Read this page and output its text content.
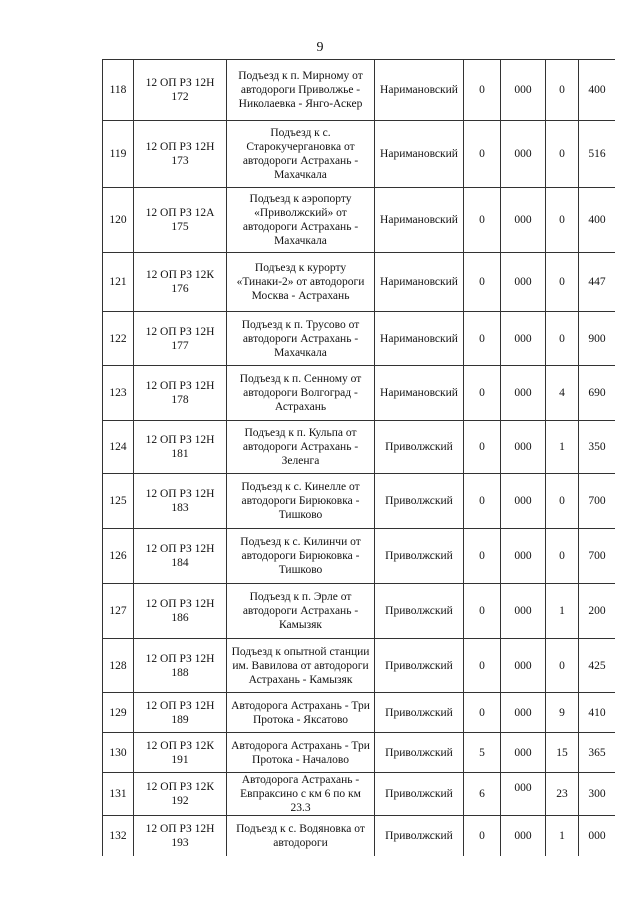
9
118	12 ОП РЗ 12Н 172	Подъезд к п. Мирному от автодороги Приволжье - Николаевка - Янго-Аскер	Наримановский	0	000	0	400
119	12 ОП РЗ 12Н 173	Подъезд к с. Старокучергановка от автодороги Астрахань - Махачкала	Наримановский	0	000	0	516
120	12 ОП РЗ 12А 175	Подъезд к аэропорту «Приволжский» от автодороги Астрахань - Махачкала	Наримановский	0	000	0	400
121	12 ОП РЗ 12К 176	Подъезд к курорту «Тинаки-2» от автодороги Москва - Астрахань	Наримановский	0	000	0	447
122	12 ОП РЗ 12Н 177	Подъезд к п. Трусово от автодороги Астрахань - Махачкала	Наримановский	0	000	0	900
123	12 ОП РЗ 12Н 178	Подъезд к п. Сенному от автодороги Волгоград - Астрахань	Наримановский	0	000	4	690
124	12 ОП РЗ 12Н 181	Подъезд к п. Кульпа от автодороги Астрахань - Зеленга	Приволжский	0	000	1	350
125	12 ОП РЗ 12Н 183	Подъезд к с. Кинелле от автодороги Бирюковка - Тишково	Приволжский	0	000	0	700
126	12 ОП РЗ 12Н 184	Подъезд к с. Килинчи от автодороги Бирюковка - Тишково	Приволжский	0	000	0	700
127	12 ОП РЗ 12Н 186	Подъезд к п. Эрле от автодороги Астрахань - Камызяк	Приволжский	0	000	1	200
128	12 ОП РЗ 12Н 188	Подъезд к опытной станции им. Вавилова от автодороги Астрахань - Камызяк	Приволжский	0	000	0	425
129	12 ОП РЗ 12Н 189	Автодорога Астрахань - Три Протока - Яксатово	Приволжский	0	000	9	410
130	12 ОП РЗ 12К 191	Автодорога Астрахань - Три Протока - Началово	Приволжский	5	000	15	365
131	12 ОП РЗ 12К 192	Автодорога Астрахань - Евпраксино с км 6 по км 23.3	Приволжский	6	000	23	300
132	12 ОП РЗ 12Н 193	Подъезд к с. Водяновка от автодороги	Приволжский	0	000	1	000
